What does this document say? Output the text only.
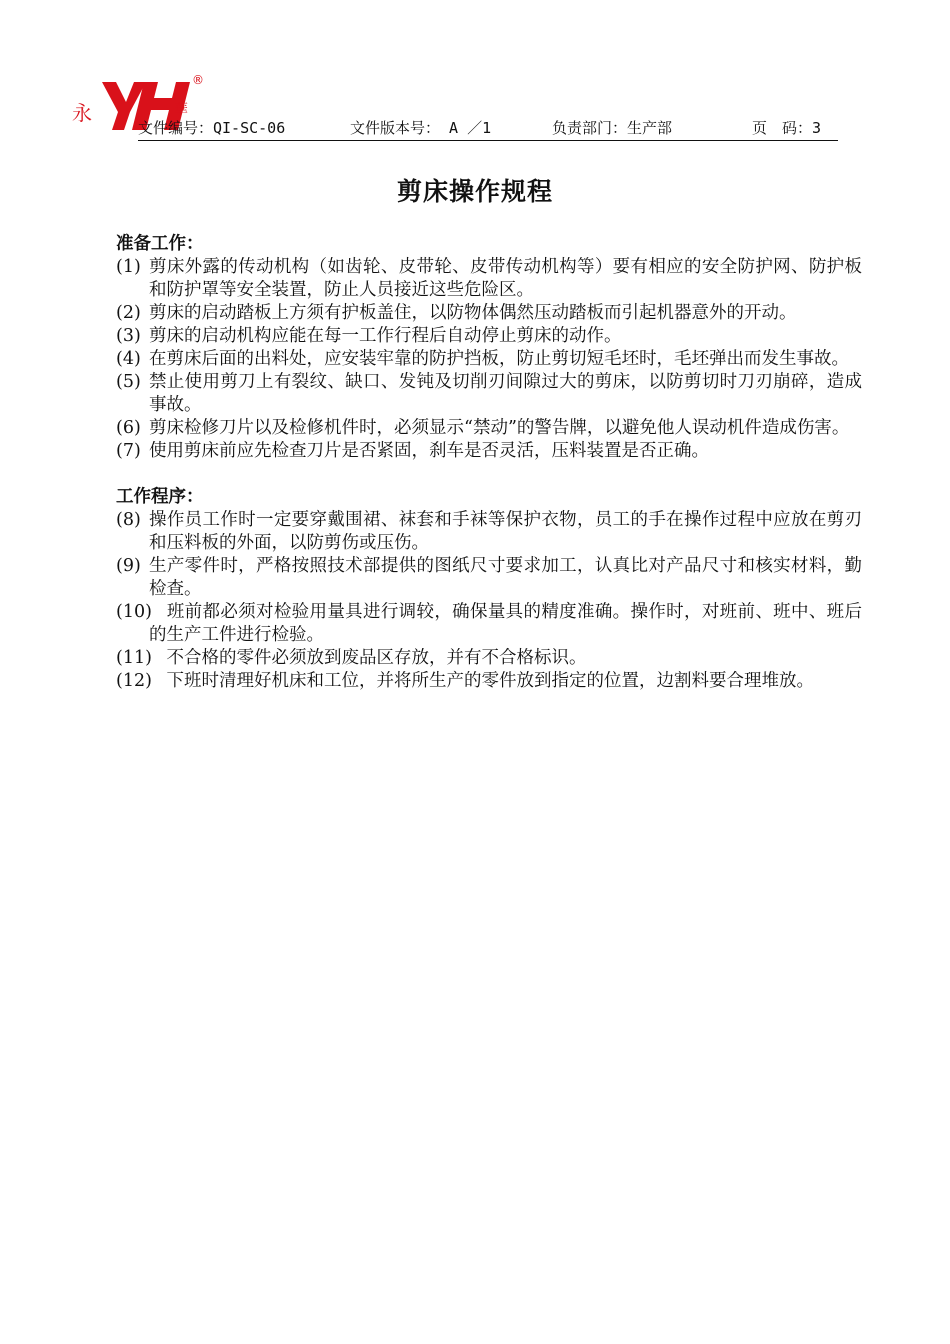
永
®
華
文件编号：QI-SC-06	文件版本号： A ／1	负责部门：生产部	页　码：3
剪床操作规程

准备工作：

(1) 剪床外露的传动机构（如齿轮、皮带轮、皮带传动机构等）要有相应的安全防护网、防护板和防护罩等安全装置，防止人员接近这些危险区。

(2) 剪床的启动踏板上方须有护板盖住，以防物体偶然压动踏板而引起机器意外的开动。

(3) 剪床的启动机构应能在每一工作行程后自动停止剪床的动作。

(4) 在剪床后面的出料处，应安装牢靠的防护挡板，防止剪切短毛坯时，毛坯弹出而发生事故。

(5) 禁止使用剪刀上有裂纹、缺口、发钝及切削刃间隙过大的剪床，以防剪切时刀刃崩碎，造成事故。

(6) 剪床检修刀片以及检修机件时，必须显示“禁动”的警告牌，以避免他人误动机件造成伤害。

(7) 使用剪床前应先检查刀片是否紧固，刹车是否灵活，压料装置是否正确。

工作程序：

(8) 操作员工作时一定要穿戴围裙、袜套和手袜等保护衣物，员工的手在操作过程中应放在剪刃和压料板的外面，以防剪伤或压伤。

(9) 生产零件时，严格按照技术部提供的图纸尺寸要求加工，认真比对产品尺寸和核实材料，勤检查。

(10)
　班前都必须对检验用量具进行调较，确保量具的精度准确。操作时，对班前、班中、班后的生产工件进行检验。

(11)
　不合格的零件必须放到废品区存放，并有不合格标识。

(12)
　下班时清理好机床和工位，并将所生产的零件放到指定的位置，边割料要合理堆放。
